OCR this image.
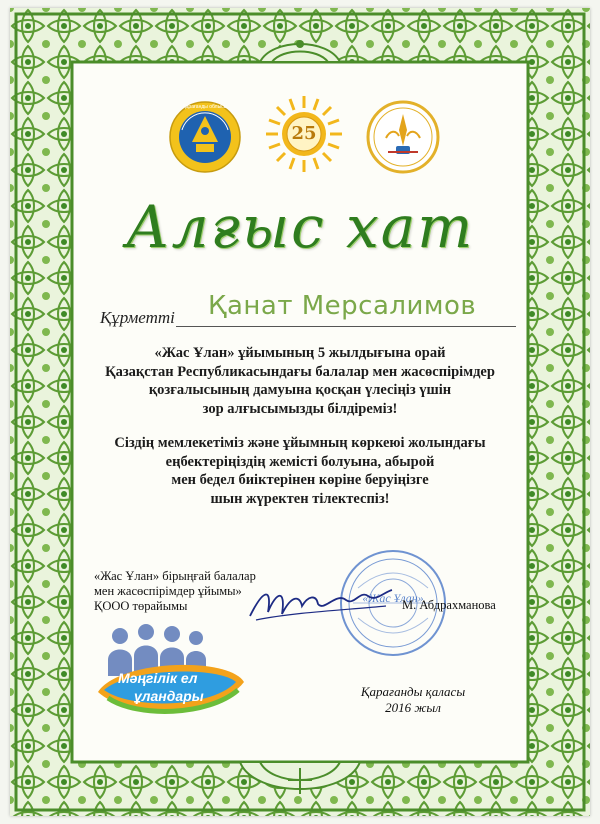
Қарағанды облысы
25
Алғыс хат
Құрметті Қанат Мерсалимов
«Жас Ұлан» ұйымының 5 жылдығына орай
Қазақстан Республикасындағы балалар мен жасөспірімдер
қозғалысының дамуына қосқан үлесіңіз үшін
зор алғысымызды білдіреміз!
Сіздің мемлекетіміз және ұйымның көркеюі жолындағы
еңбектеріңіздің жемісті болуына, абырой
мен бедел биіктерінен көріне беруіңізге
шын жүректен тілектеспіз!
«Жас Ұлан»
«Жас Ұлан» бірыңғай балалар
мен жасөспірімдер ұйымы»
ҚООО төрайымы	М. Абдрахманова
Мәңгілік ел
ұландары	Қарағанды қаласы
2016 жыл
